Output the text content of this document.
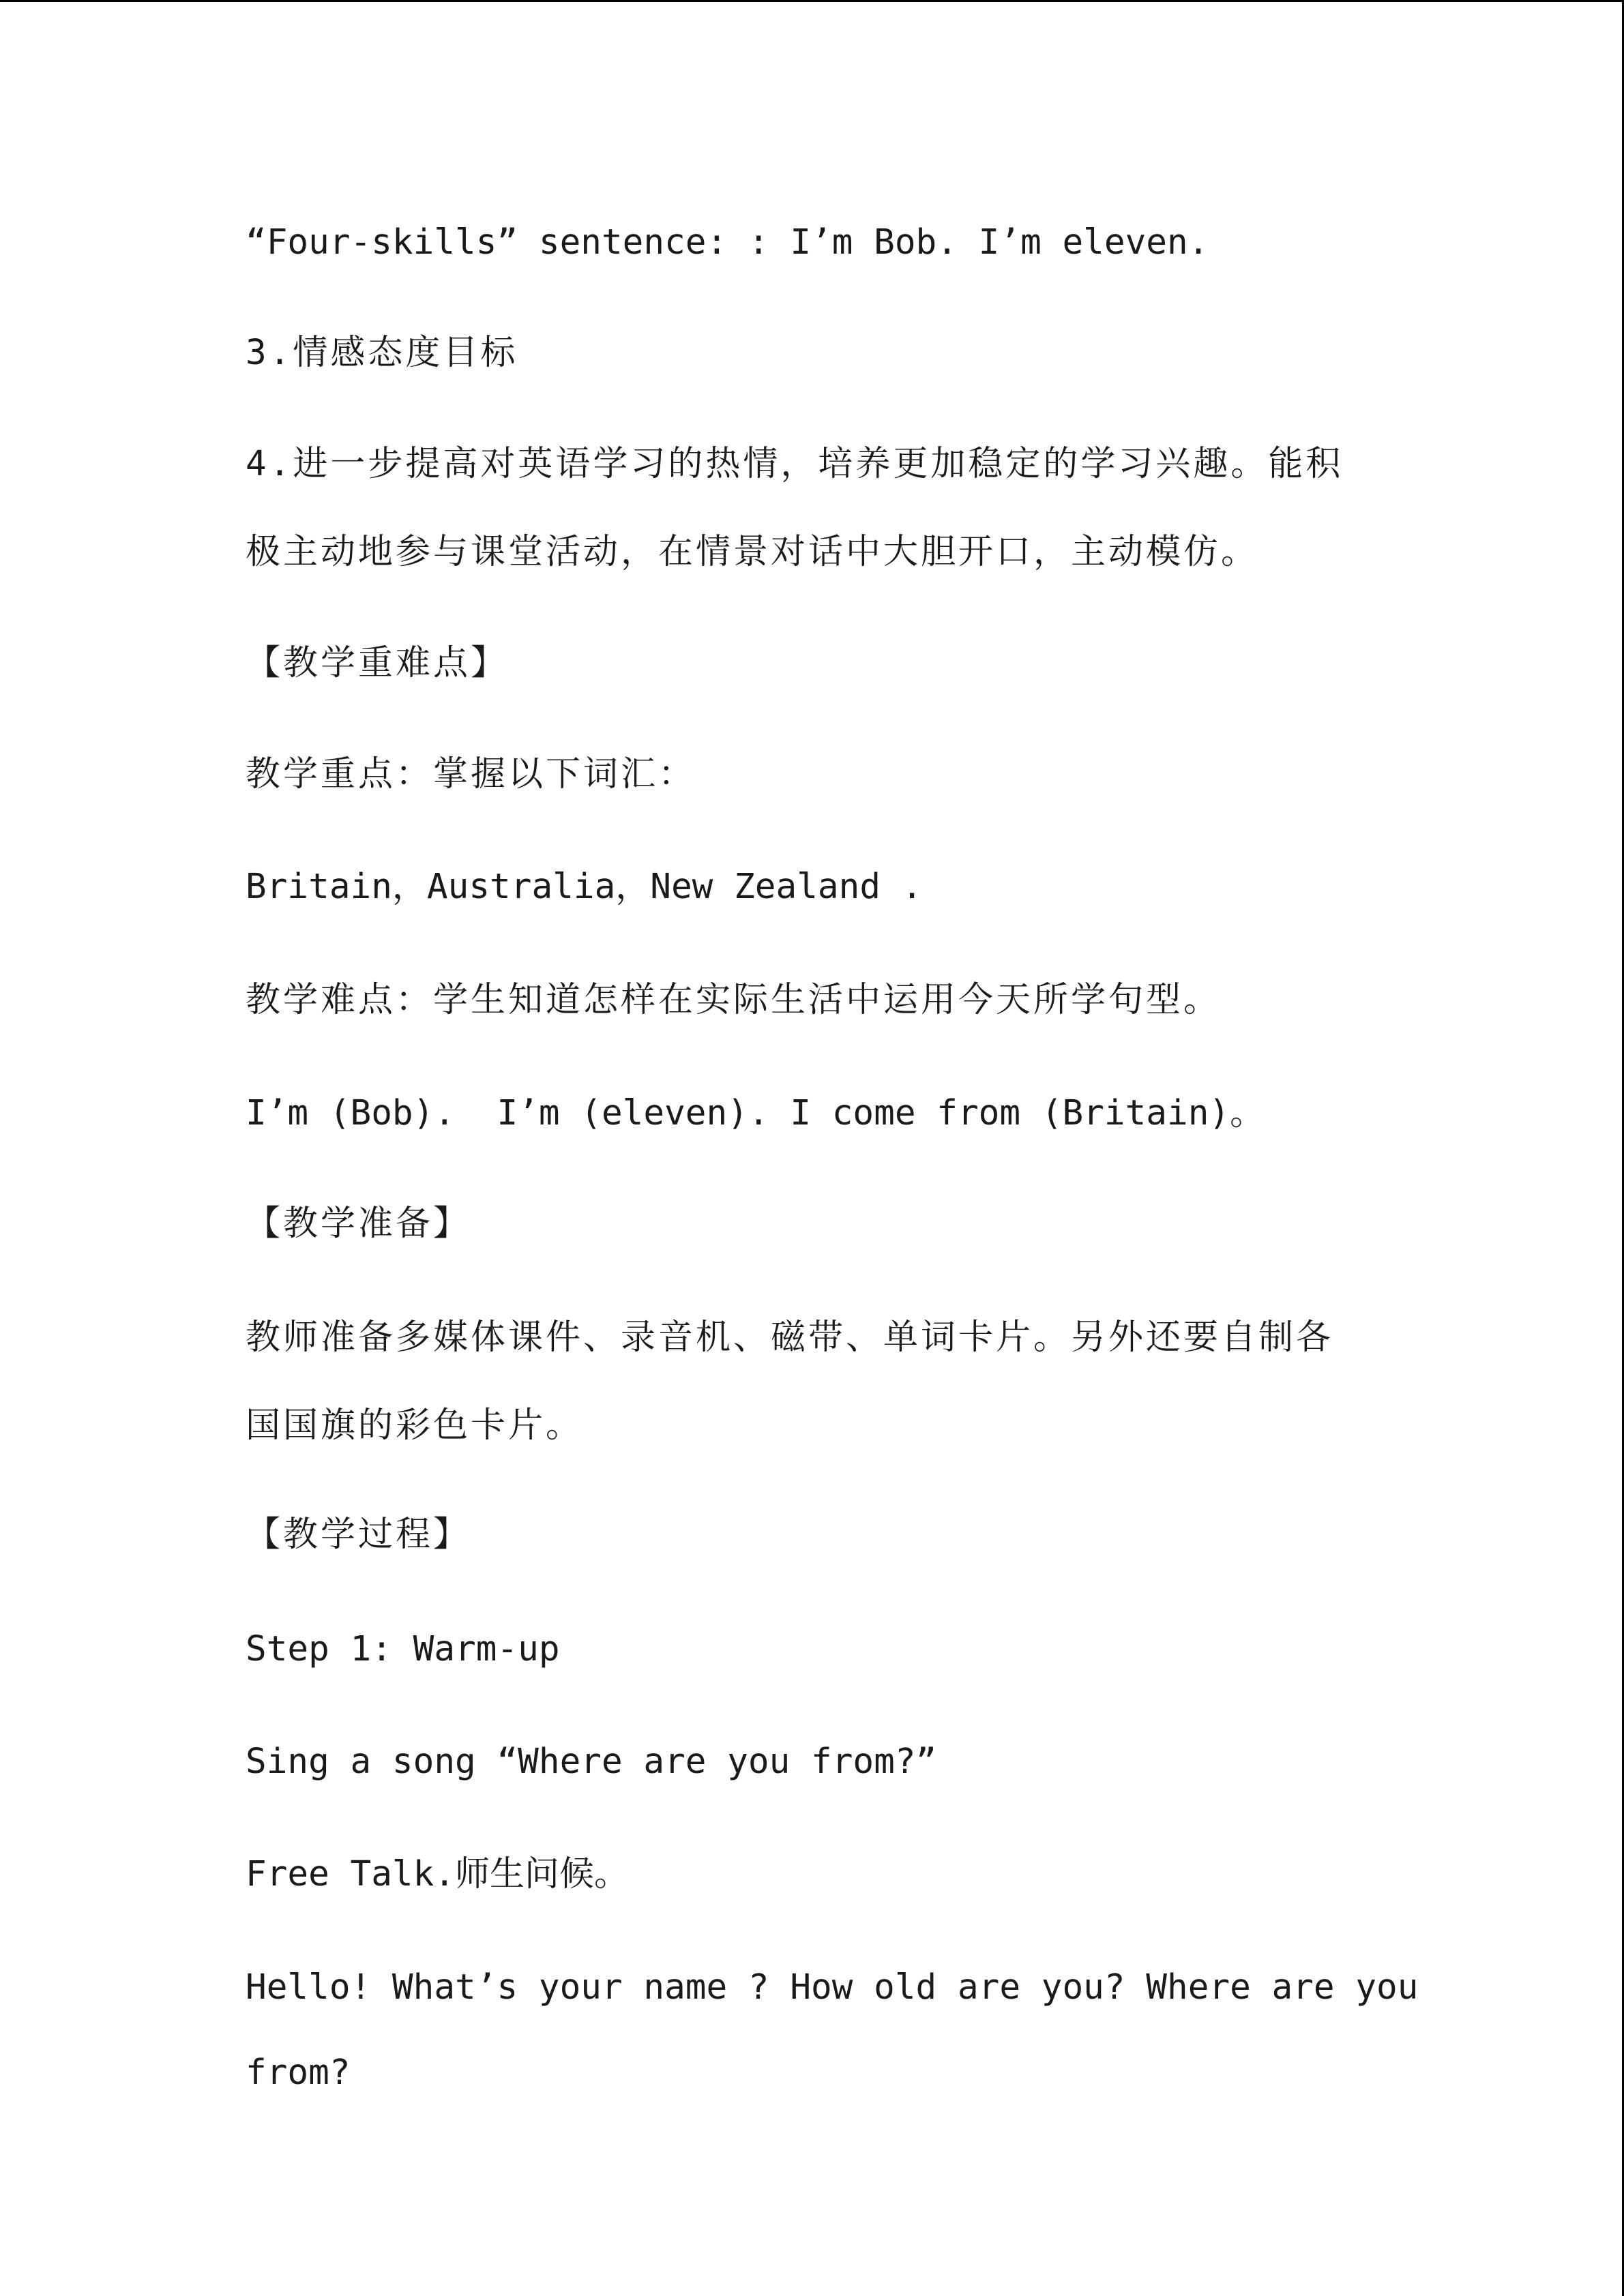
“Four-skills” sentence: : I’m Bob. I’m eleven.

3.情感态度目标

4.进一步提高对英语学习的热情，培养更加稳定的学习兴趣。能积

极主动地参与课堂活动，在情景对话中大胆开口，主动模仿。

【教学重难点】

教学重点：掌握以下词汇：

Britain，Australia，New Zealand .

教学难点：学生知道怎样在实际生活中运用今天所学句型。

I’m (Bob).  I’m (eleven). I come from (Britain)。

【教学准备】

教师准备多媒体课件、录音机、磁带、单词卡片。另外还要自制各

国国旗的彩色卡片。

【教学过程】

Step 1: Warm-up

Sing a song “Where are you from?”

Free Talk.师生问候。

Hello! What’s your name ? How old are you? Where are you

from?
